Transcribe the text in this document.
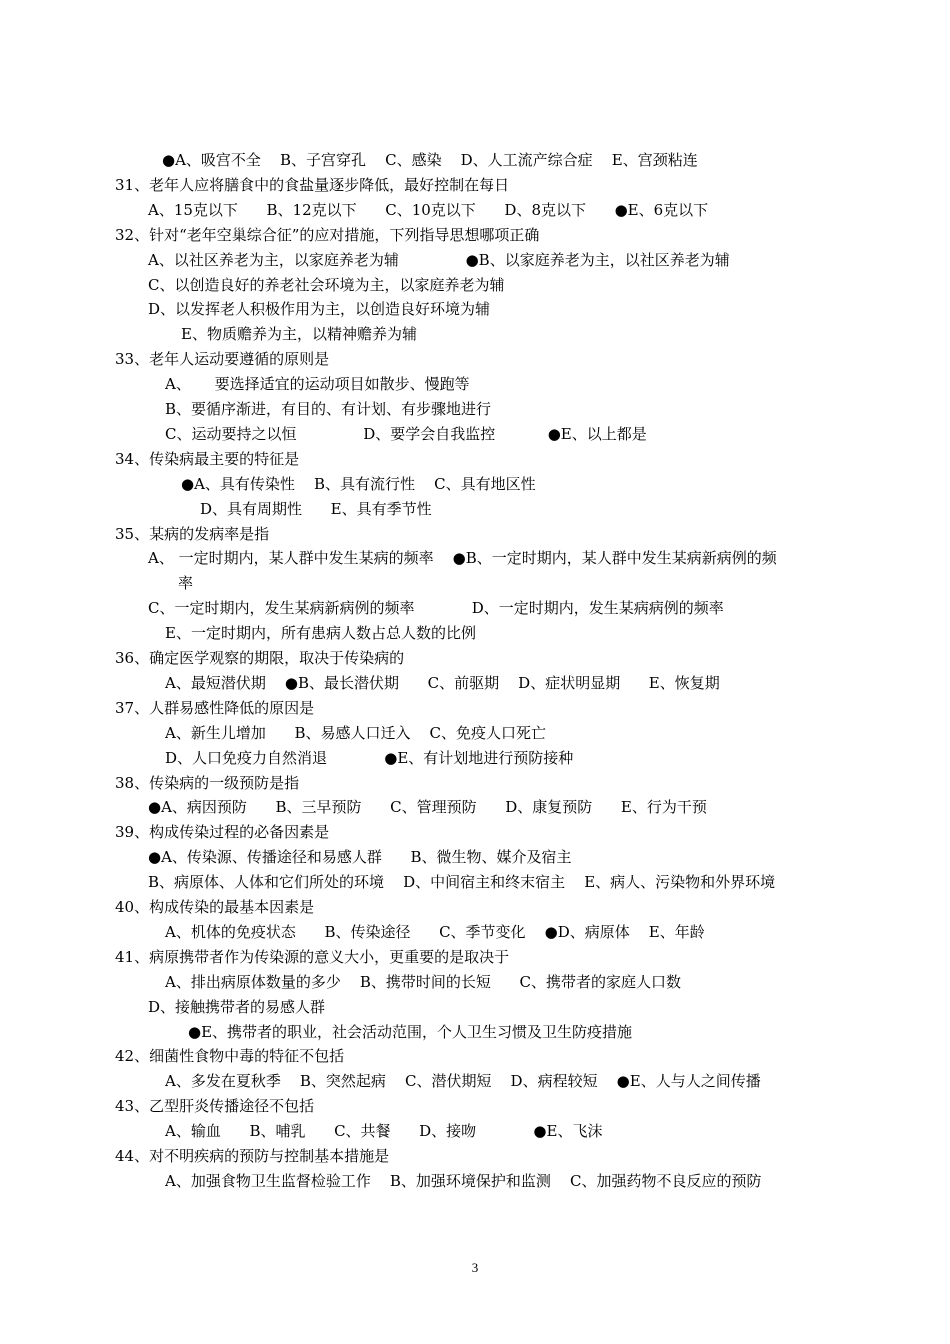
●A、吸宫不全    B、子宫穿孔    C、感染    D、人工流产综合症    E、宫颈粘连
31、老年人应将膳食中的食盐量逐步降低，最好控制在每日
A、15克以下      B、12克以下      C、10克以下      D、8克以下      ●E、6克以下
32、针对“老年空巢综合征”的应对措施，下列指导思想哪项正确
A、以社区养老为主，以家庭养老为辅              ●B、以家庭养老为主，以社区养老为辅
C、以创造良好的养老社会环境为主，以家庭养老为辅
D、以发挥老人积极作用为主，以创造良好环境为辅
E、物质赡养为主，以精神赡养为辅
33、老年人运动要遵循的原则是
A、     要选择适宜的运动项目如散步、慢跑等
B、要循序渐进，有目的、有计划、有步骤地进行
C、运动要持之以恒              D、要学会自我监控           ●E、以上都是
34、传染病最主要的特征是
●A、具有传染性    B、具有流行性    C、具有地区性
D、具有周期性      E、具有季节性
35、某病的发病率是指
A、 一定时期内，某人群中发生某病的频率    ●B、一定时期内，某人群中发生某病新病例的频
率
C、一定时期内，发生某病新病例的频率            D、一定时期内，发生某病病例的频率
E、一定时期内，所有患病人数占总人数的比例
36、确定医学观察的期限，取决于传染病的
A、最短潜伏期    ●B、最长潜伏期      C、前驱期    D、症状明显期      E、恢复期
37、人群易感性降低的原因是
A、新生儿增加      B、易感人口迁入    C、免疫人口死亡
D、人口免疫力自然消退            ●E、有计划地进行预防接种
38、传染病的一级预防是指
●A、病因预防      B、三早预防      C、管理预防      D、康复预防      E、行为干预
39、构成传染过程的必备因素是
●A、传染源、传播途径和易感人群      B、微生物、媒介及宿主
B、病原体、人体和它们所处的环境    D、中间宿主和终末宿主    E、病人、污染物和外界环境
40、构成传染的最基本因素是
A、机体的免疫状态      B、传染途径      C、季节变化    ●D、病原体    E、年龄
41、病原携带者作为传染源的意义大小，更重要的是取决于
A、排出病原体数量的多少    B、携带时间的长短      C、携带者的家庭人口数
D、接触携带者的易感人群
●E、携带者的职业，社会活动范围，个人卫生习惯及卫生防疫措施
42、细菌性食物中毒的特征不包括
A、多发在夏秋季    B、突然起病    C、潜伏期短    D、病程较短    ●E、人与人之间传播
43、乙型肝炎传播途径不包括
A、输血      B、哺乳      C、共餐      D、接吻            ●E、飞沫
44、对不明疾病的预防与控制基本措施是
A、加强食物卫生监督检验工作    B、加强环境保护和监测    C、加强药物不良反应的预防
3
